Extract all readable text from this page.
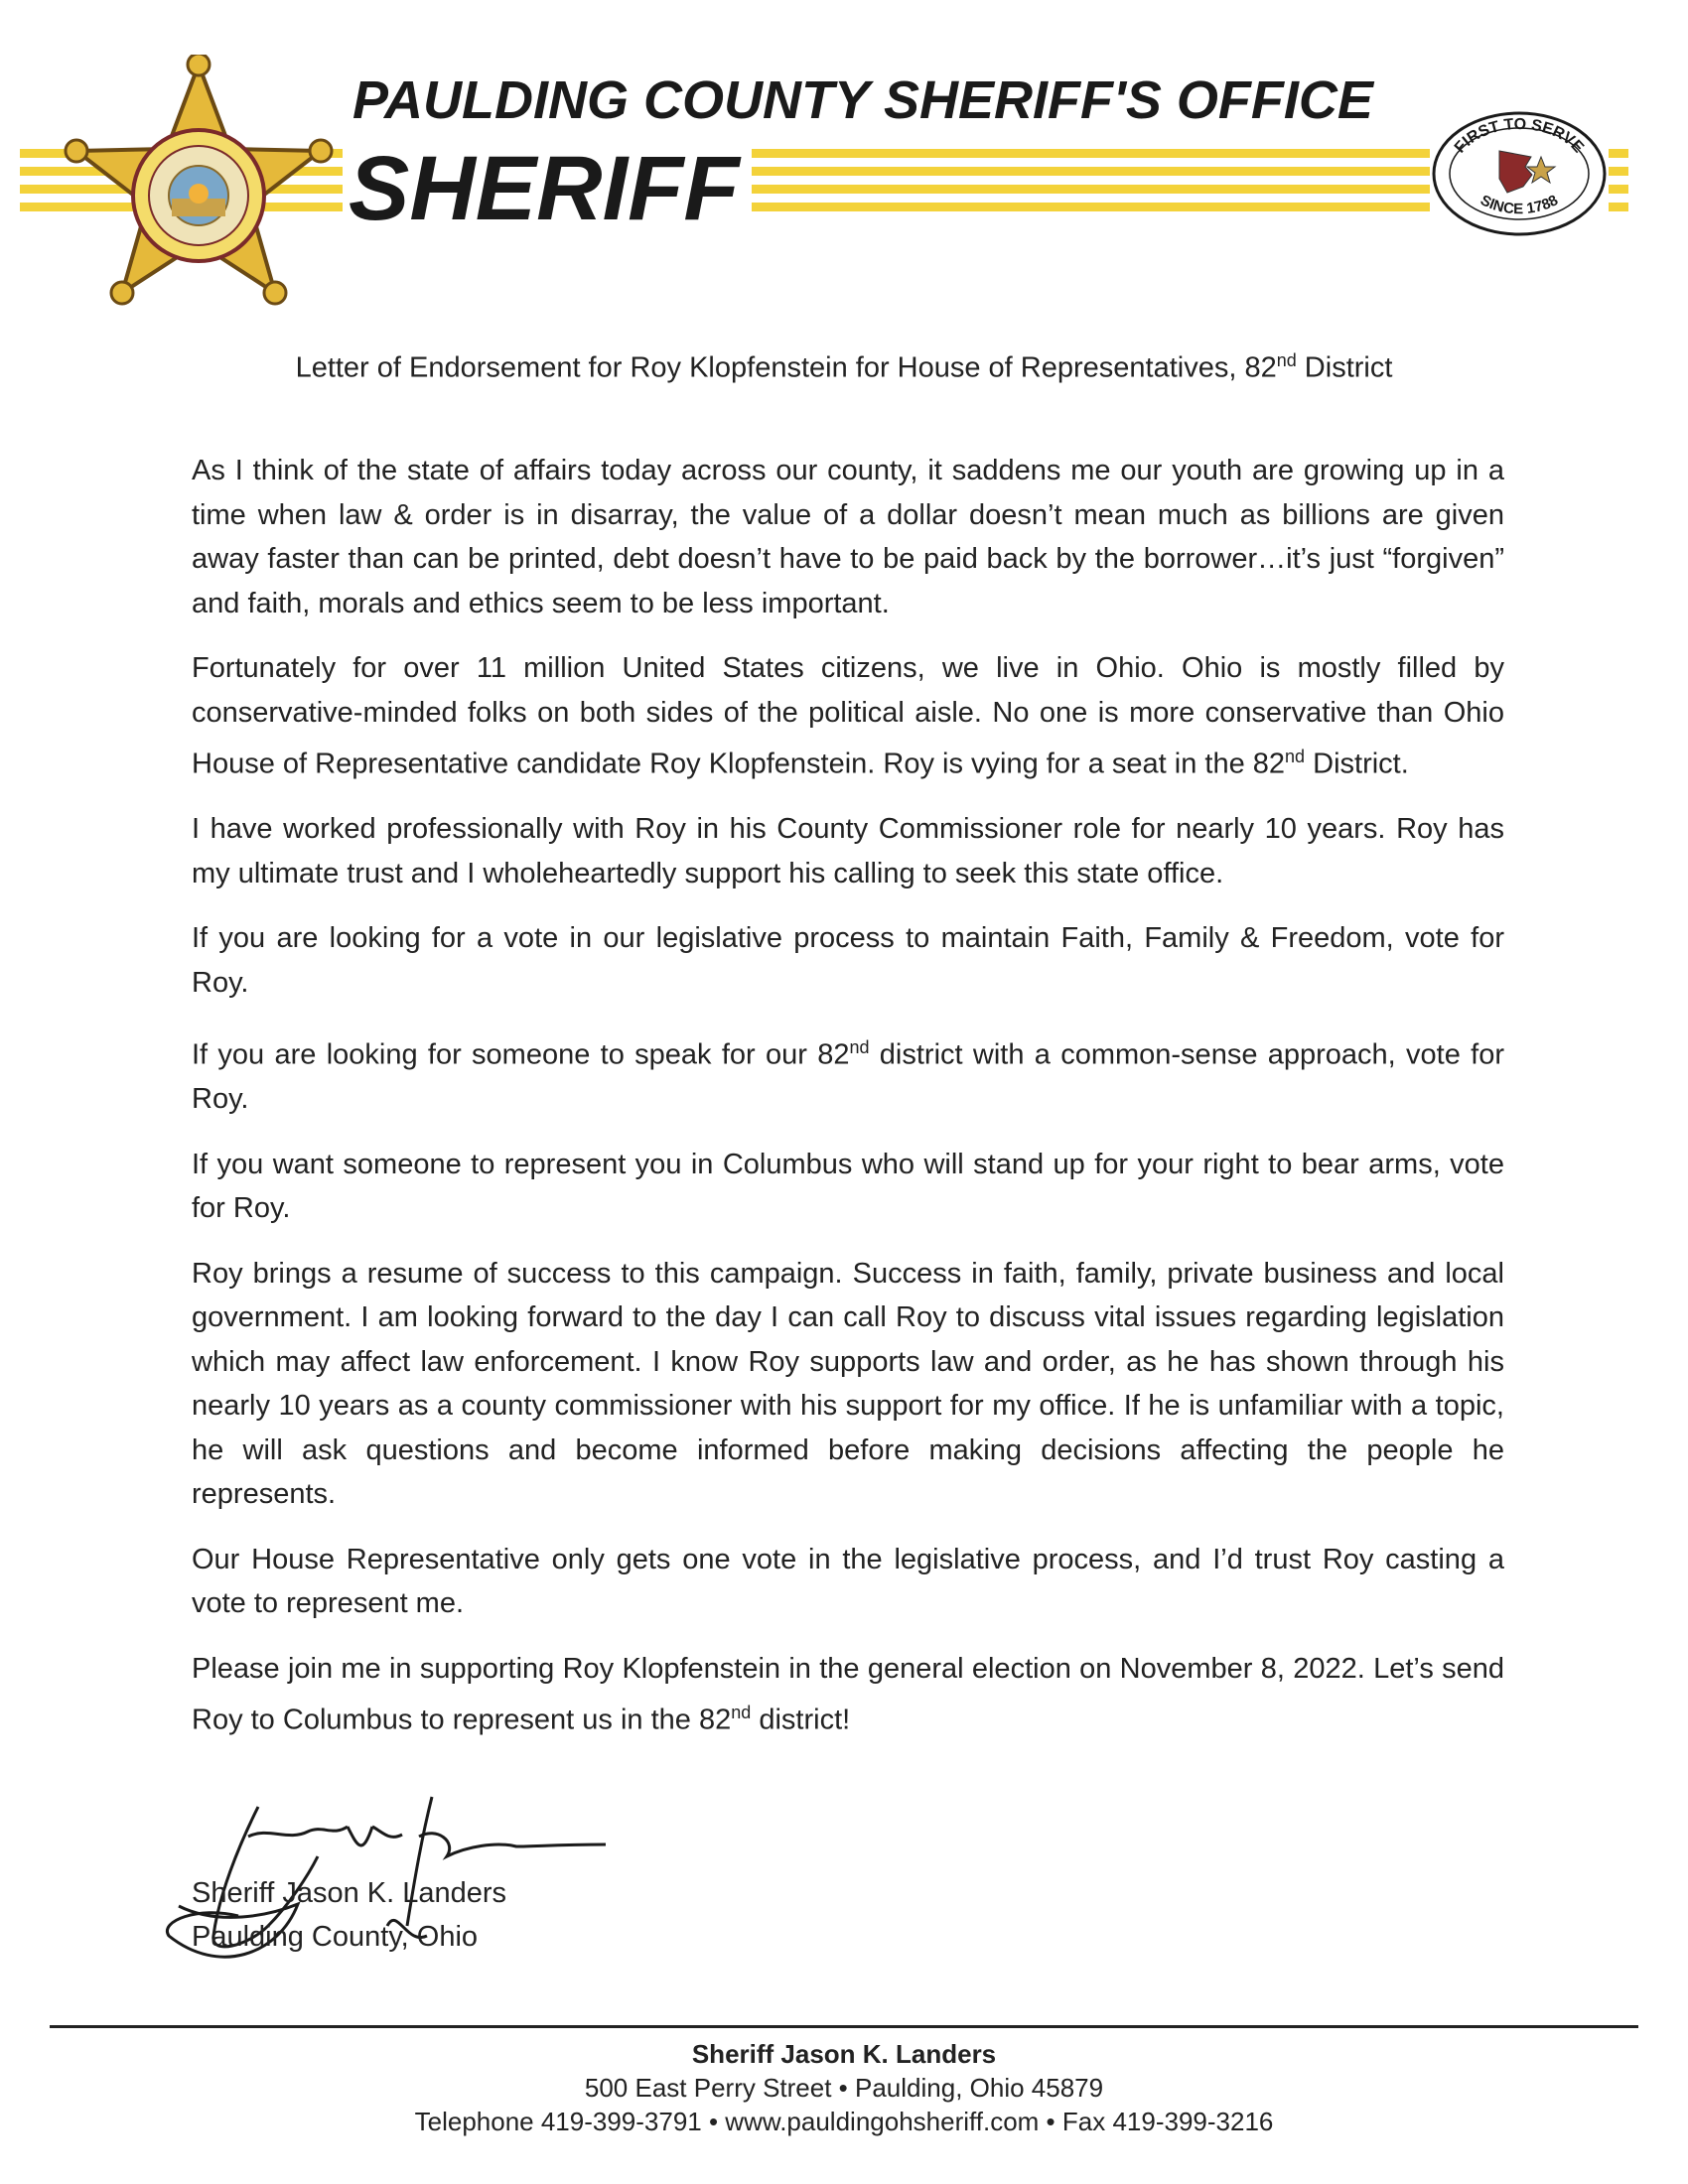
PAULDING COUNTY SHERIFF'S OFFICE
SHERIFF	FIRST TO SERVE
SINCE 1788
Letter of Endorsement for Roy Klopfenstein for House of Representatives, 82nd District

As I think of the state of affairs today across our county, it saddens me our youth are growing up in a time when law & order is in disarray, the value of a dollar doesn’t mean much as billions are given away faster than can be printed, debt doesn’t have to be paid back by the borrower…it’s just “forgiven” and faith, morals and ethics seem to be less important.

Fortunately for over 11 million United States citizens, we live in Ohio. Ohio is mostly filled by conservative-minded folks on both sides of the political aisle. No one is more conservative than Ohio House of Representative candidate Roy Klopfenstein. Roy is vying for a seat in the 82nd District.

I have worked professionally with Roy in his County Commissioner role for nearly 10 years. Roy has my ultimate trust and I wholeheartedly support his calling to seek this state office.

If you are looking for a vote in our legislative process to maintain Faith, Family & Freedom, vote for Roy.

If you are looking for someone to speak for our 82nd district with a common-sense approach, vote for Roy.

If you want someone to represent you in Columbus who will stand up for your right to bear arms, vote for Roy.

Roy brings a resume of success to this campaign. Success in faith, family, private business and local government. I am looking forward to the day I can call Roy to discuss vital issues regarding legislation which may affect law enforcement. I know Roy supports law and order, as he has shown through his nearly 10 years as a county commissioner with his support for my office. If he is unfamiliar with a topic, he will ask questions and become informed before making decisions affecting the people he represents.

Our House Representative only gets one vote in the legislative process, and I’d trust Roy casting a vote to represent me.

Please join me in supporting Roy Klopfenstein in the general election on November 8, 2022. Let’s send Roy to Columbus to represent us in the 82nd district!

Sheriff Jason K. Landers
Paulding County, Ohio
Sheriff Jason K. Landers
500 East Perry Street • Paulding, Ohio 45879
Telephone 419-399-3791 • www.pauldingohsheriff.com • Fax 419-399-3216
